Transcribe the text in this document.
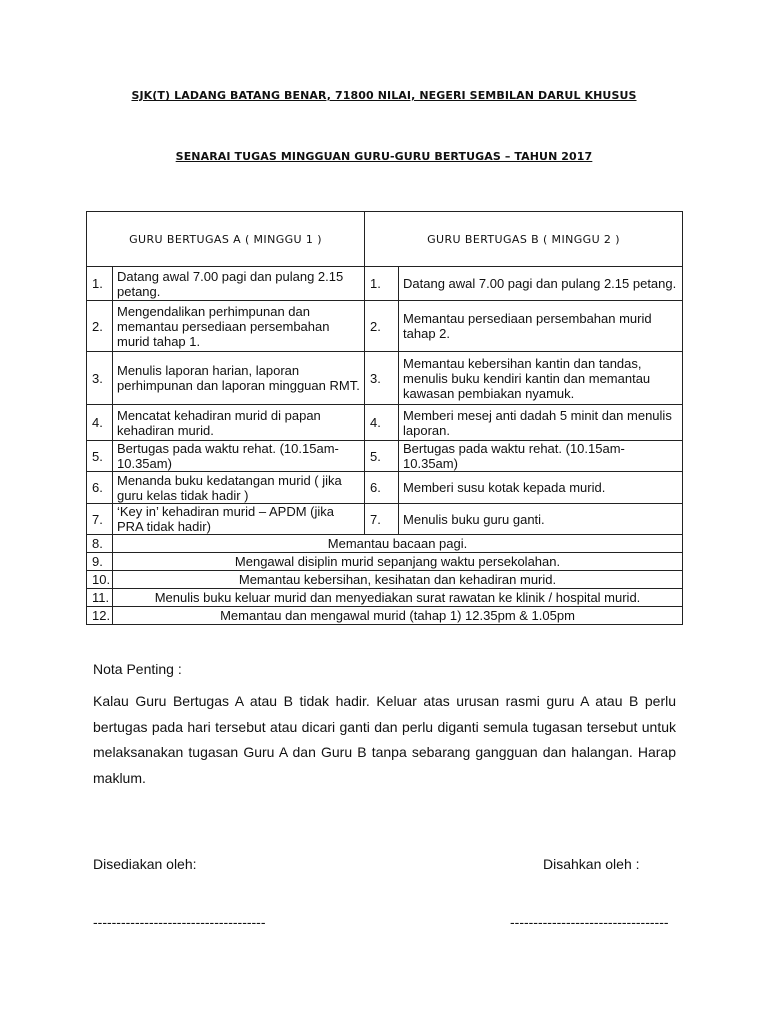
SJK(T) LADANG BATANG BENAR, 71800 NILAI, NEGERI SEMBILAN DARUL KHUSUS
SENARAI TUGAS MINGGUAN GURU-GURU BERTUGAS – TAHUN 2017
GURU BERTUGAS A ( MINGGU 1 )		GURU BERTUGAS B ( MINGGU 2 )	
1.	Datang awal 7.00 pagi dan pulang 2.15 petang.	1.	Datang awal 7.00 pagi dan pulang 2.15 petang.
2.	Mengendalikan perhimpunan dan memantau persediaan persembahan murid tahap 1.	2.	Memantau persediaan persembahan murid tahap 2.
3.	Menulis laporan harian, laporan perhimpunan dan laporan mingguan RMT.	3.	Memantau kebersihan kantin dan tandas, menulis buku kendiri kantin dan memantau kawasan pembiakan nyamuk.
4.	Mencatat kehadiran murid di papan kehadiran murid.	4.	Memberi mesej anti dadah 5 minit dan menulis laporan.
5.	Bertugas pada waktu rehat. (10.15am-10.35am)	5.	Bertugas pada waktu rehat. (10.15am-10.35am)
6.	Menanda buku kedatangan murid ( jika guru kelas tidak hadir )	6.	Memberi susu kotak kepada murid.
7.	‘Key in’ kehadiran murid – APDM (jika PRA tidak hadir)	7.	Menulis buku guru ganti.
8.	Memantau bacaan pagi.		
9.	Mengawal disiplin murid sepanjang waktu persekolahan.		
10.	Memantau kebersihan, kesihatan dan kehadiran murid.		
11.	Menulis buku keluar murid dan menyediakan surat rawatan ke klinik / hospital murid.		
12.	Memantau dan mengawal murid (tahap 1) 12.35pm & 1.05pm		
Nota Penting :
Kalau Guru Bertugas A atau B tidak hadir. Keluar atas urusan rasmi guru A atau B perlu bertugas pada hari tersebut atau dicari ganti dan perlu diganti semula tugasan tersebut untuk melaksanakan tugasan Guru A dan Guru B tanpa sebarang gangguan dan halangan. Harap maklum.
Disediakan oleh:	Disahkan oleh :
-------------------------------------	----------------------------------
